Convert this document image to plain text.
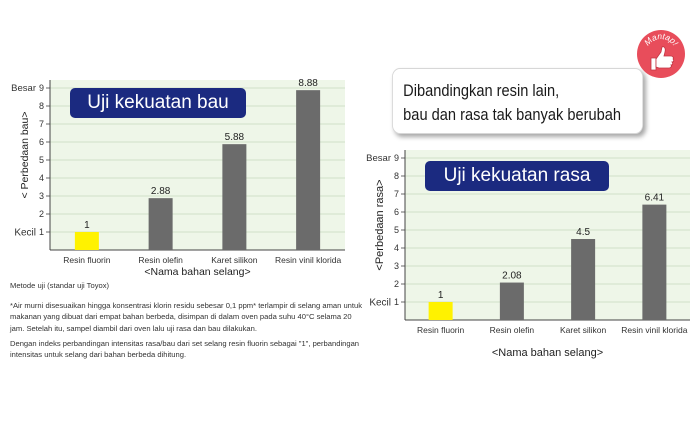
1
2
3
4
5
6
7
8
9
Besar
Kecil
1
Resin fluorin
2.88
Resin olefin
5.88
Karet silikon
8.88
Resin vinil klorida
<Nama bahan selang>
< Perbedaan bau>
1
2
3
4
5
6
7
8
9
Besar
Kecil
1
Resin fluorin
2.08
Resin olefin
4.5
Karet silikon
6.41
Resin vinil klorida
<Nama bahan selang>
<Perbedaan rasa>
Uji kekuatan bau
Uji kekuatan rasa
Dibandingkan resin lain,
bau dan rasa tak banyak berubah
Mantap!

Metode uji (standar uji Toyox)

*Air murni disesuaikan hingga konsentrasi klorin residu sebesar 0,1 ppm* terlampir di selang aman untuk makanan yang dibuat dari empat bahan berbeda, disimpan di dalam oven pada suhu 40°C selama 20 jam. Setelah itu, sampel diambil dari oven lalu uji rasa dan bau dilakukan.

Dengan indeks perbandingan intensitas rasa/bau dari set selang resin fluorin sebagai "1", perbandingan intensitas untuk selang dari bahan berbeda dihitung.
